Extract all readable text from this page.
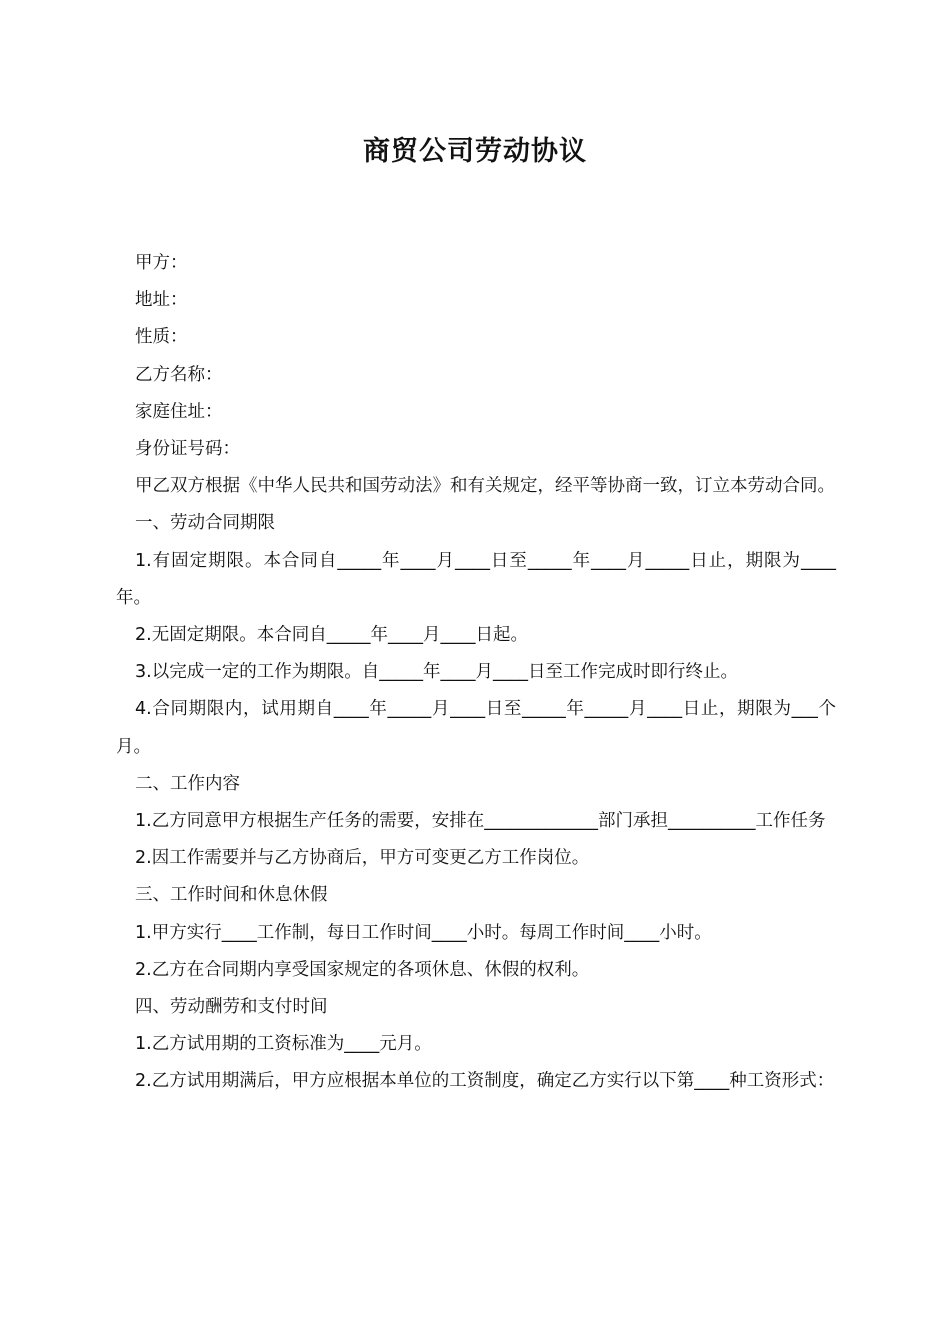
商贸公司劳动协议

甲方：

地址：

性质：

乙方名称：

家庭住址：

身份证号码：

甲乙双方根据《中华人民共和国劳动法》和有关规定，经平等协商一致，订立本劳动合同。

一、劳动合同期限

1.有固定期限。本合同自_____年____月____日至_____年____月_____日止，期限为____年。

2.无固定期限。本合同自_____年____月____日起。

3.以完成一定的工作为期限。自_____年____月____日至工作完成时即行终止。

4.合同期限内，试用期自____年_____月____日至_____年_____月____日止，期限为___个月。

二、工作内容

1.乙方同意甲方根据生产任务的需要，安排在_____________部门承担__________工作任务

2.因工作需要并与乙方协商后，甲方可变更乙方工作岗位。

三、工作时间和休息休假

1.甲方实行____工作制，每日工作时间____小时。每周工作时间____小时。

2.乙方在合同期内享受国家规定的各项休息、休假的权利。

四、劳动酬劳和支付时间

1.乙方试用期的工资标准为____元月。

2.乙方试用期满后，甲方应根据本单位的工资制度，确定乙方实行以下第____种工资形式：
